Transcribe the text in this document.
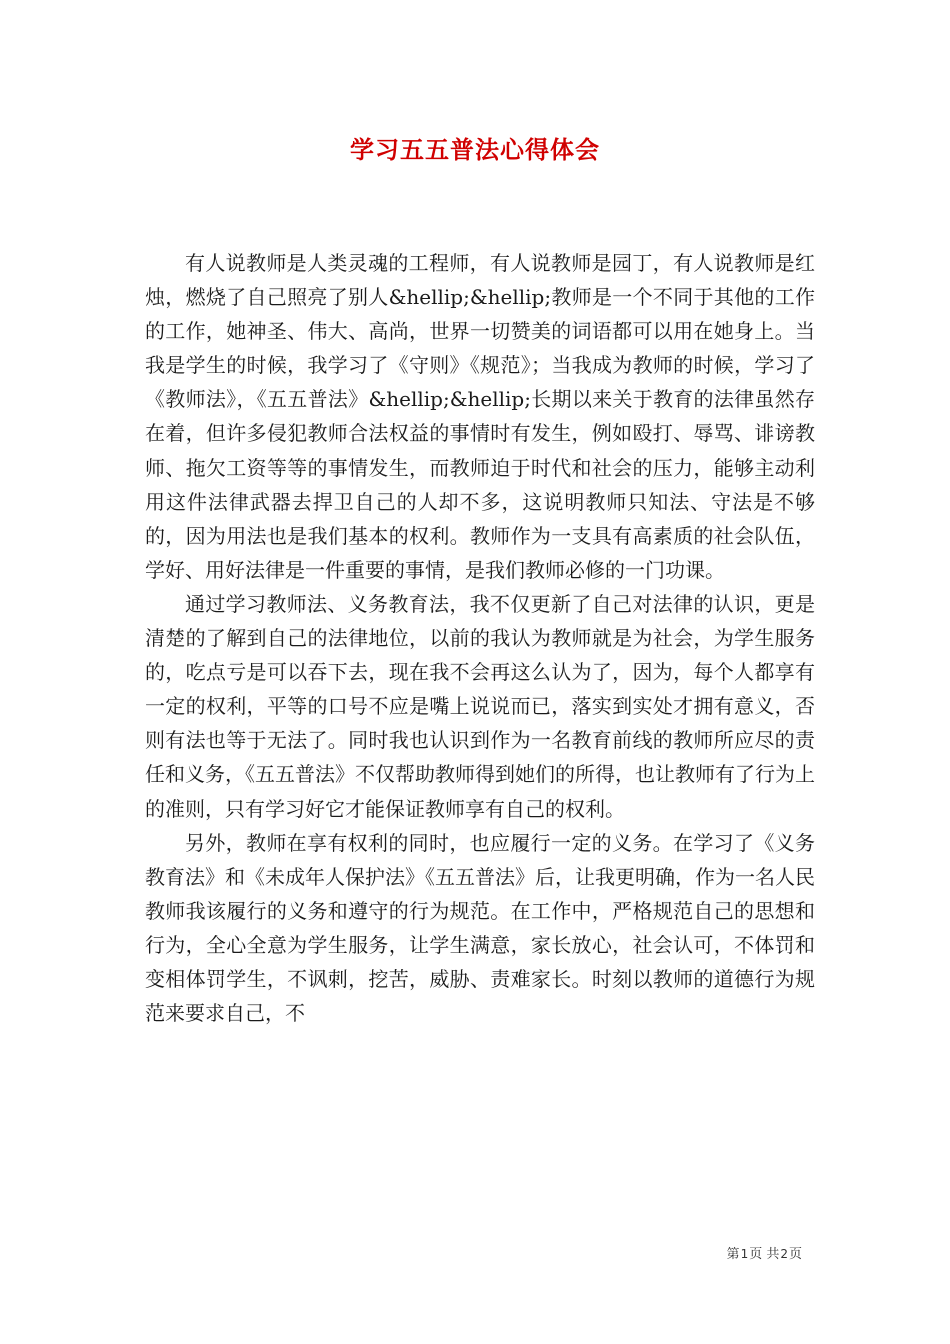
学习五五普法心得体会

有人说教师是人类灵魂的工程师，有人说教师是园丁，有人说教师是红烛，燃烧了自己照亮了别人&hellip;&hellip;教师是一个不同于其他的工作的工作，她神圣、伟大、高尚，世界一切赞美的词语都可以用在她身上。当我是学生的时候，我学习了《守则》《规范》；当我成为教师的时候，学习了《教师法》，《五五普法》&hellip;&hellip;长期以来关于教育的法律虽然存在着，但许多侵犯教师合法权益的事情时有发生，例如殴打、辱骂、诽谤教师、拖欠工资等等的事情发生，而教师迫于时代和社会的压力，能够主动利用这件法律武器去捍卫自己的人却不多，这说明教师只知法、守法是不够的，因为用法也是我们基本的权利。教师作为一支具有高素质的社会队伍，学好、用好法律是一件重要的事情，是我们教师必修的一门功课。

通过学习教师法、义务教育法，我不仅更新了自己对法律的认识，更是清楚的了解到自己的法律地位，以前的我认为教师就是为社会，为学生服务的，吃点亏是可以吞下去，现在我不会再这么认为了，因为，每个人都享有一定的权利，平等的口号不应是嘴上说说而已，落实到实处才拥有意义，否则有法也等于无法了。同时我也认识到作为一名教育前线的教师所应尽的责任和义务，《五五普法》不仅帮助教师得到她们的所得，也让教师有了行为上的准则，只有学习好它才能保证教师享有自己的权利。

另外，教师在享有权利的同时，也应履行一定的义务。在学习了《义务教育法》和《未成年人保护法》《五五普法》后，让我更明确，作为一名人民教师我该履行的义务和遵守的行为规范。在工作中，严格规范自己的思想和行为，全心全意为学生服务，让学生满意，家长放心，社会认可，不体罚和变相体罚学生，不讽刺，挖苦，威胁、责难家长。时刻以教师的道德行为规范来要求自己，不

第1页 共2页
